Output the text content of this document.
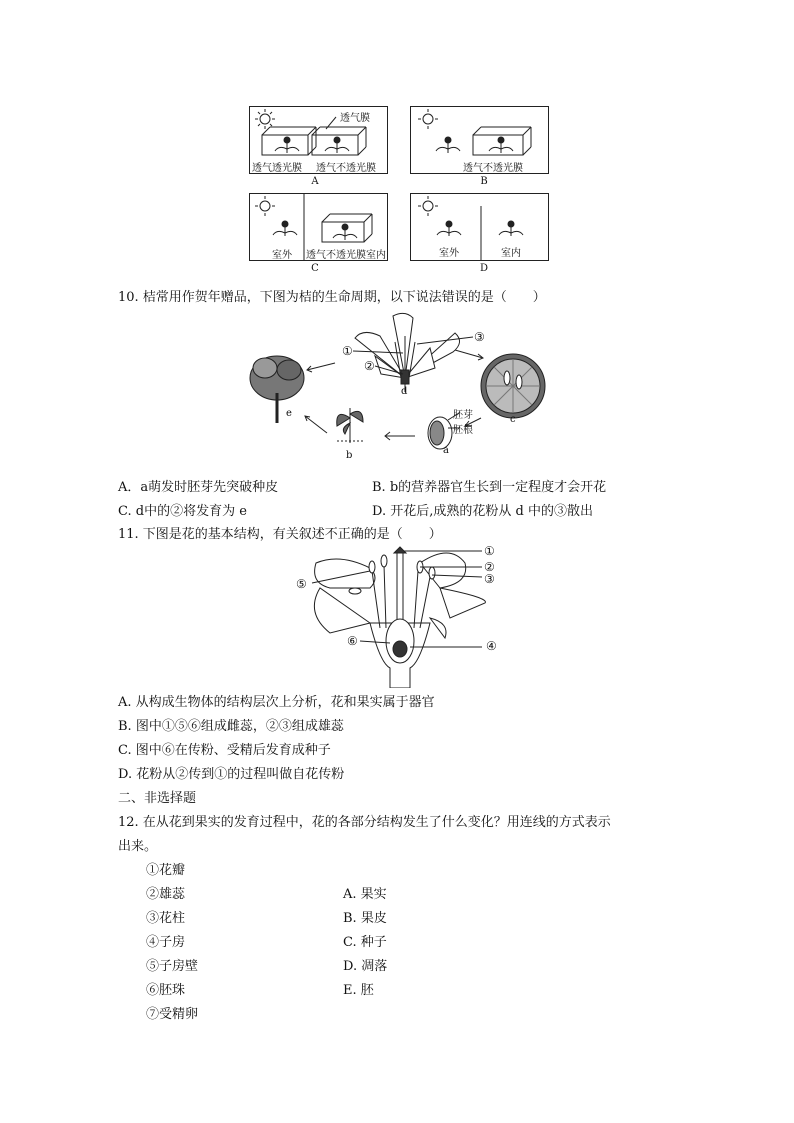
透气膜
透气透光膜 透气不透光膜
A
透气不透光膜
B
室外 透气不透光膜室内
C
室外	室内
D
10. 桔常用作贺年赠品，下图为桔的生命周期，以下说法错误的是（　　）
①
②
③
d
e
c
b	a
胚芽
胚根
A．a萌发时胚芽先突破种皮	B. b的营养器官生长到一定程度才会开花
C. d中的②将发育为 e	D. 开花后,成熟的花粉从 d 中的③散出
11. 下图是花的基本结构，有关叙述不正确的是（　　）
①
②
③
④
⑤
⑥
A. 从构成生物体的结构层次上分析，花和果实属于器官
B. 图中①⑤⑥组成雌蕊，②③组成雄蕊
C. 图中⑥在传粉、受精后发育成种子
D. 花粉从②传到①的过程叫做自花传粉
二、非选择题
12. 在从花到果实的发育过程中，花的各部分结构发生了什么变化？用连线的方式表示
出来。
①花瓣
②雄蕊
③花柱
④子房
⑤子房壁
⑥胚珠
⑦受精卵
A. 果实
B. 果皮
C. 种子
D. 凋落
E. 胚
